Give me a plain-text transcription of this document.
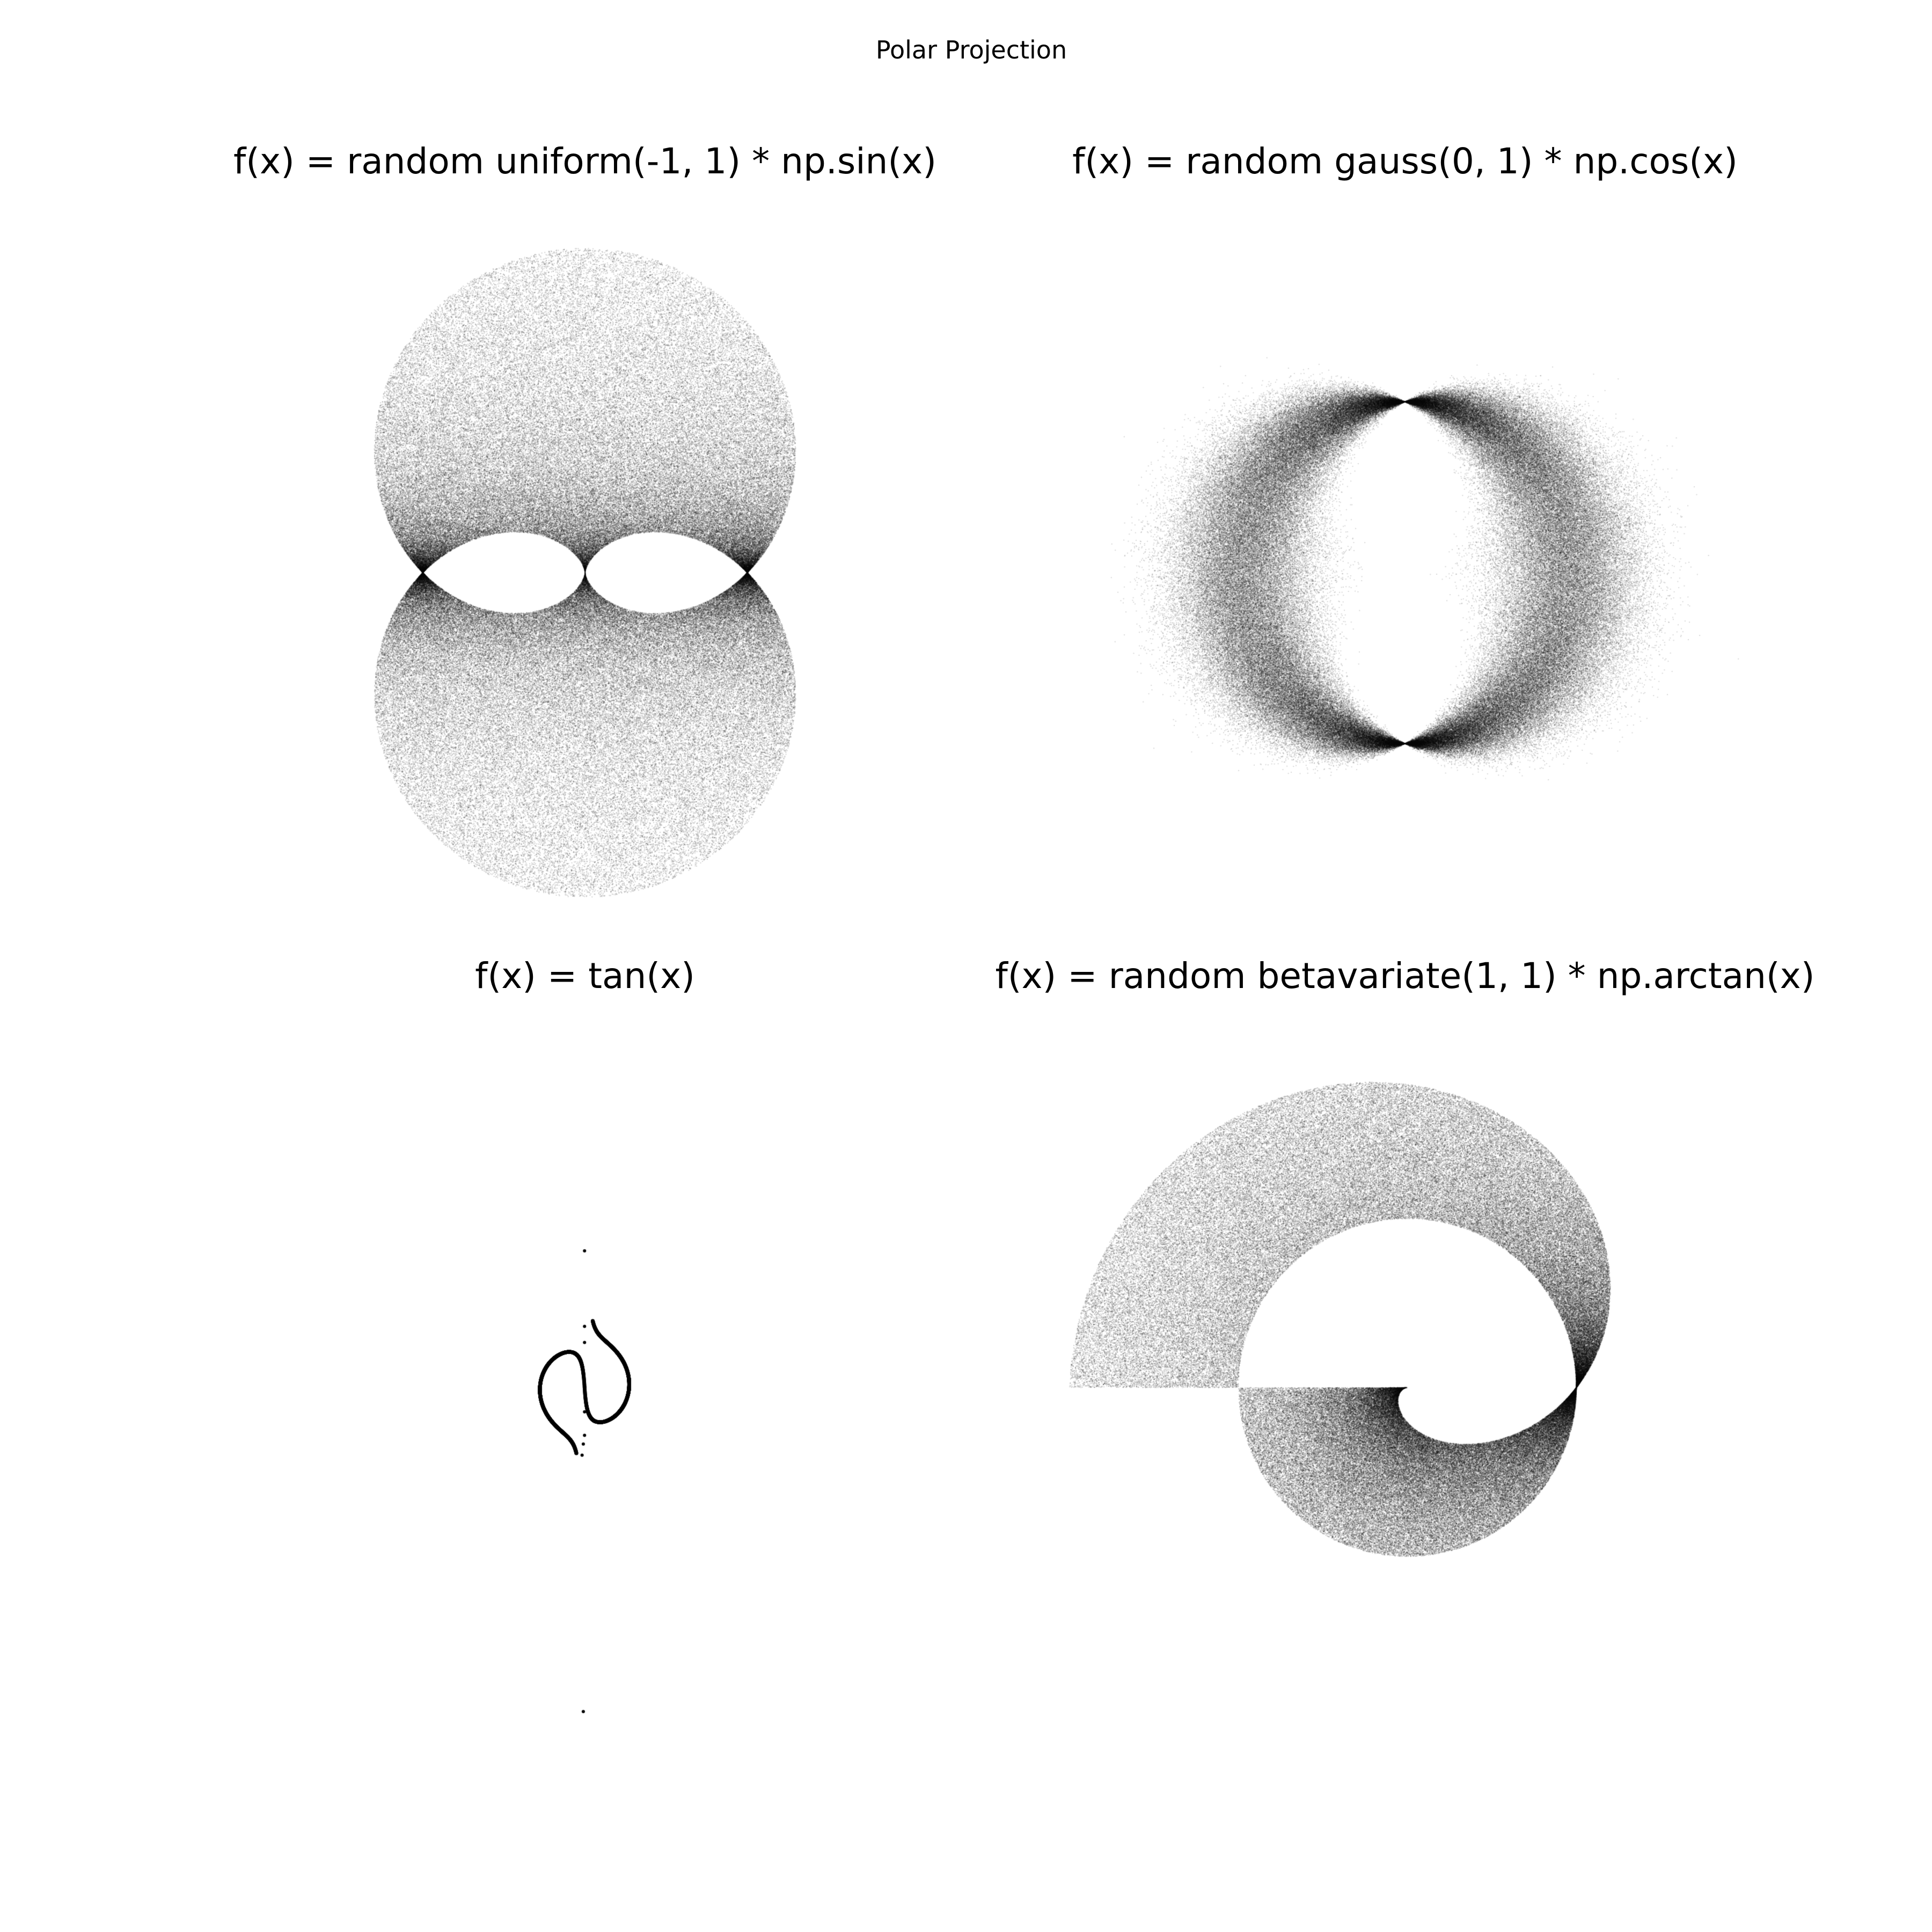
Polar Projection
f(x) = random uniform(-1, 1) * np.sin(x)	f(x) = random gauss(0, 1) * np.cos(x)
f(x) = tan(x)	f(x) = random betavariate(1, 1) * np.arctan(x)
